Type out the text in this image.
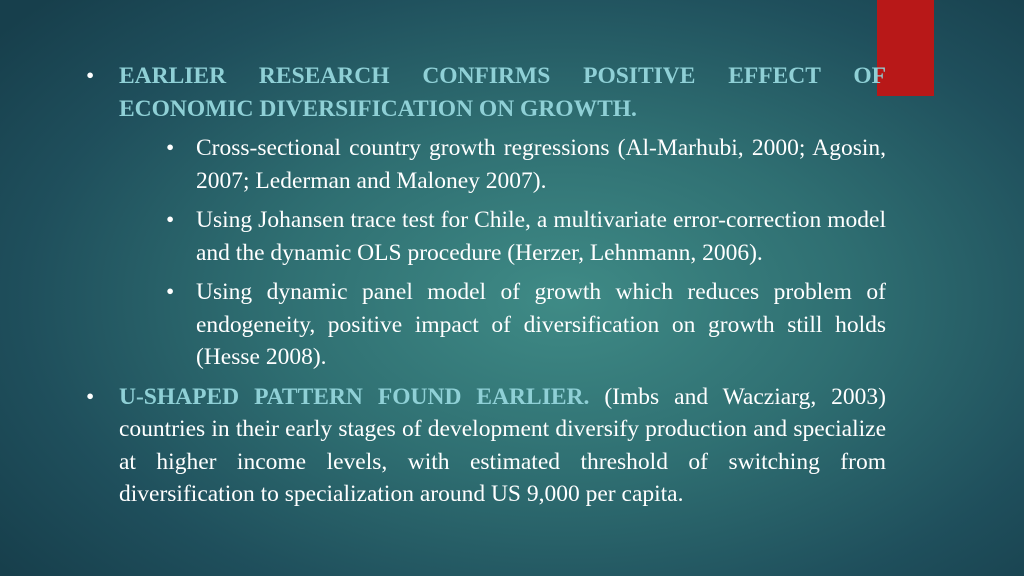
• EARLIER RESEARCH CONFIRMS POSITIVE EFFECT OF ECONOMIC DIVERSIFICATION ON GROWTH.
• Cross-sectional country growth regressions (Al-Marhubi, 2000; Agosin, 2007; Lederman and Maloney 2007).
• Using Johansen trace test for Chile, a multivariate error-correction model and the dynamic OLS procedure (Herzer, Lehnmann, 2006).
• Using dynamic panel model of growth which reduces problem of endogeneity, positive impact of diversification on growth still holds (Hesse 2008).
• U-SHAPED PATTERN FOUND EARLIER. (Imbs and Wacziarg, 2003) countries in their early stages of development diversify production and specialize at higher income levels, with estimated threshold of switching from diversification to specialization around US 9,000 per capita.
